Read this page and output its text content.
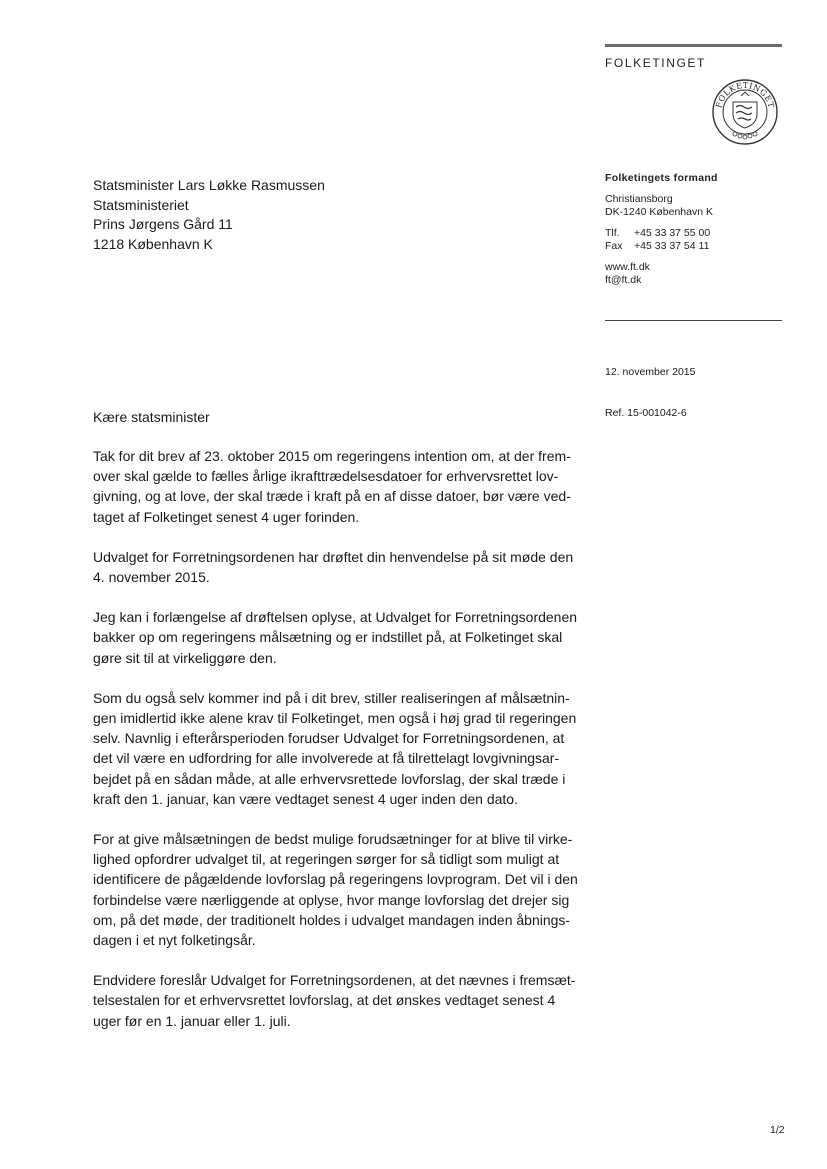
FOLKETINGET
FOLKETINGET
Statsminister Lars Løkke Rasmussen
Statsministeriet
Prins Jørgens Gård 11
1218 København K
Folketingets formand
Christiansborg
DK-1240 København K
Tlf. +45 33 37 55 00
Fax +45 33 37 54 11
www.ft.dk
ft@ft.dk
12. november 2015
Ref. 15-001042-6
Kære statsminister

Tak for dit brev af 23. oktober 2015 om regeringens intention om, at der frem-
over skal gælde to fælles årlige ikrafttrædelsesdatoer for erhvervsrettet lov-
givning, og at love, der skal træde i kraft på en af disse datoer, bør være ved-
taget af Folketinget senest 4 uger forinden.

Udvalget for Forretningsordenen har drøftet din henvendelse på sit møde den
4. november 2015.

Jeg kan i forlængelse af drøftelsen oplyse, at Udvalget for Forretningsordenen
bakker op om regeringens målsætning og er indstillet på, at Folketinget skal
gøre sit til at virkeliggøre den.

Som du også selv kommer ind på i dit brev, stiller realiseringen af målsætnin-
gen imidlertid ikke alene krav til Folketinget, men også i høj grad til regeringen
selv. Navnlig i efterårsperioden forudser Udvalget for Forretningsordenen, at
det vil være en udfordring for alle involverede at få tilrettelagt lovgivningsar-
bejdet på en sådan måde, at alle erhvervsrettede lovforslag, der skal træde i
kraft den 1. januar, kan være vedtaget senest 4 uger inden den dato.

For at give målsætningen de bedst mulige forudsætninger for at blive til virke-
lighed opfordrer udvalget til, at regeringen sørger for så tidligt som muligt at
identificere de pågældende lovforslag på regeringens lovprogram. Det vil i den
forbindelse være nærliggende at oplyse, hvor mange lovforslag det drejer sig
om, på det møde, der traditionelt holdes i udvalget mandagen inden åbnings-
dagen i et nyt folketingsår.

Endvidere foreslår Udvalget for Forretningsordenen, at det nævnes i fremsæt-
telsestalen for et erhvervsrettet lovforslag, at det ønskes vedtaget senest 4
uger før en 1. januar eller 1. juli.

1/2
